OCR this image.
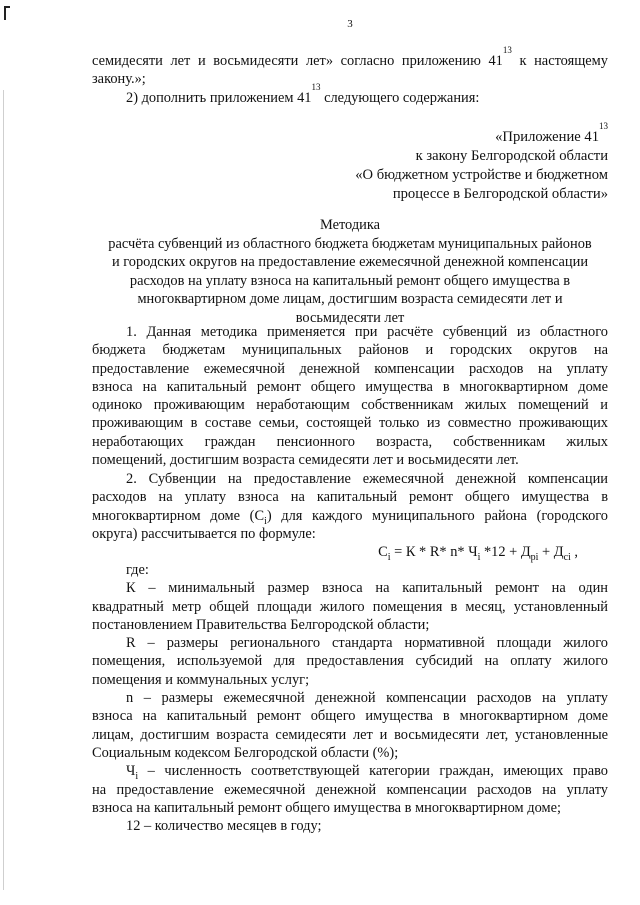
3

семидесяти лет и восьмидесяти лет» согласно приложению $41^{13}$ к настоящему

закону.»;

2) дополнить приложением $41^{13}$ следующего содержания:

«Приложение $41^{13}$
к закону Белгородской области
«О бюджетном устройстве и бюджетном
процессе в Белгородской области»
Методика
расчёта субвенций из областного бюджета бюджетам муниципальных районов
и городских округов на предоставление ежемесячной денежной компенсации
расходов на уплату взноса на капитальный ремонт общего имущества в
многоквартирном доме лицам, достигшим возраста семидесяти лет и
восьмидесяти лет

1. Данная методика применяется при расчёте субвенций из областного

бюджета бюджетам муниципальных районов и городских округов на

предоставление ежемесячной денежной компенсации расходов на уплату

взноса на капитальный ремонт общего имущества в многоквартирном доме

одиноко проживающим неработающим собственникам жилых помещений и

проживающим в составе семьи, состоящей только из совместно проживающих

неработающих граждан пенсионного возраста, собственникам жилых

помещений, достигшим возраста семидесяти лет и восьмидесяти лет.

2. Субвенции на предоставление ежемесячной денежной компенсации

расходов на уплату взноса на капитальный ремонт общего имущества в

многоквартирном доме $(С_i)$ для каждого муниципального района (городского

округа) рассчитывается по формуле:

$С_i = К * R*$ n* $Ч_i$ $*12 + Д_{pi} + Д_{ci}$ ,

где:

К – минимальный размер взноса на капитальный ремонт на один

квадратный метр общей площади жилого помещения в месяц, установленный

постановлением Правительства Белгородской области;

R – размеры регионального стандарта нормативной площади жилого

помещения, используемой для предоставления субсидий на оплату жилого

помещения и коммунальных услуг;

n – размеры ежемесячной денежной компенсации расходов на уплату

взноса на капитальный ремонт общего имущества в многоквартирном доме

лицам, достигшим возраста семидесяти лет и восьмидесяти лет, установленные

Социальным кодексом Белгородской области (%);

$Ч_i$ – численность соответствующей категории граждан, имеющих право

на предоставление ежемесячной денежной компенсации расходов на уплату

взноса на капитальный ремонт общего имущества в многоквартирном доме;

12 – количество месяцев в году;
